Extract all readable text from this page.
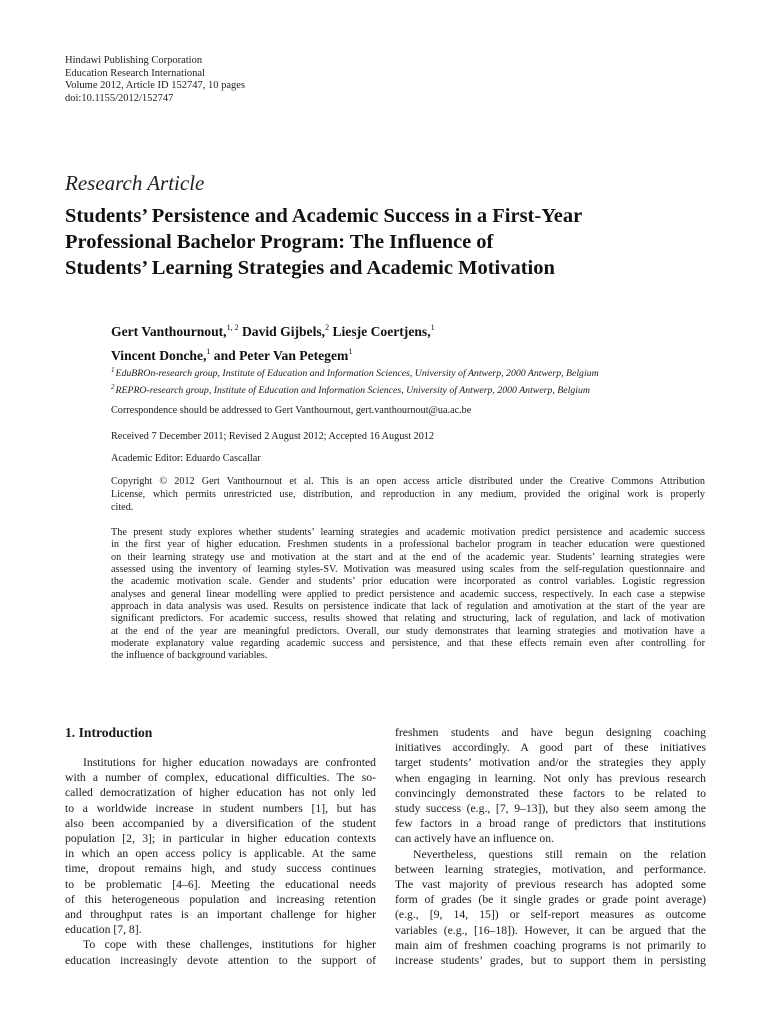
Hindawi Publishing Corporation
Education Research International
Volume 2012, Article ID 152747, 10 pages
doi:10.1155/2012/152747
Research Article
Students’ Persistence and Academic Success in a First-Year
Professional Bachelor Program: The Influence of
Students’ Learning Strategies and Academic Motivation
Gert Vanthournout,$^{1, 2}$ David Gijbels,$^2$ Liesje Coertjens,$^1$
Vincent Donche,$^1$ and Peter Van Petegem$^1$
$^1$EduBROn-research group, Institute of Education and Information Sciences, University of Antwerp, 2000 Antwerp, Belgium
$^2$REPRO-research group, Institute of Education and Information Sciences, University of Antwerp, 2000 Antwerp, Belgium
Correspondence should be addressed to Gert Vanthournout, gert.vanthournout@ua.ac.be
Received 7 December 2011; Revised 2 August 2012; Accepted 16 August 2012
Academic Editor: Eduardo Cascallar
Copyright © 2012 Gert Vanthournout et al. This is an open access article distributed under the Creative Commons Attribution
License, which permits unrestricted use, distribution, and reproduction in any medium, provided the original work is properly
cited.
The present study explores whether students’ learning strategies and academic motivation predict persistence and academic success
in the first year of higher education. Freshmen students in a professional bachelor program in teacher education were questioned
on their learning strategy use and motivation at the start and at the end of the academic year. Students’ learning strategies were
assessed using the inventory of learning styles-SV. Motivation was measured using scales from the self-regulation questionnaire and
the academic motivation scale. Gender and students’ prior education were incorporated as control variables. Logistic regression
analyses and general linear modelling were applied to predict persistence and academic success, respectively. In each case a stepwise
approach in data analysis was used. Results on persistence indicate that lack of regulation and amotivation at the start of the year are
significant predictors. For academic success, results showed that relating and structuring, lack of regulation, and lack of motivation
at the end of the year are meaningful predictors. Overall, our study demonstrates that learning strategies and motivation have a
moderate explanatory value regarding academic success and persistence, and that these effects remain even after controlling for
the influence of background variables.
1. Introduction
Institutions for higher education nowadays are confronted
with a number of complex, educational difficulties. The so-
called democratization of higher education has not only led
to a worldwide increase in student numbers [1], but has
also been accompanied by a diversification of the student
population [2, 3]; in particular in higher education contexts
in which an open access policy is applicable. At the same
time, dropout remains high, and study success continues
to be problematic [4–6]. Meeting the educational needs
of this heterogeneous population and increasing retention
and throughput rates is an important challenge for higher
education [7, 8].
To cope with these challenges, institutions for higher
education increasingly devote attention to the support of
freshmen students and have begun designing coaching
initiatives accordingly. A good part of these initiatives
target students’ motivation and/or the strategies they apply
when engaging in learning. Not only has previous research
convincingly demonstrated these factors to be related to
study success (e.g., [7, 9–13]), but they also seem among the
few factors in a broad range of predictors that institutions
can actively have an influence on.
Nevertheless, questions still remain on the relation
between learning strategies, motivation, and performance.
The vast majority of previous research has adopted some
form of grades (be it single grades or grade point average)
(e.g., [9, 14, 15]) or self-report measures as outcome
variables (e.g., [16–18]). However, it can be argued that the
main aim of freshmen coaching programs is not primarily to
increase students’ grades, but to support them in persisting
